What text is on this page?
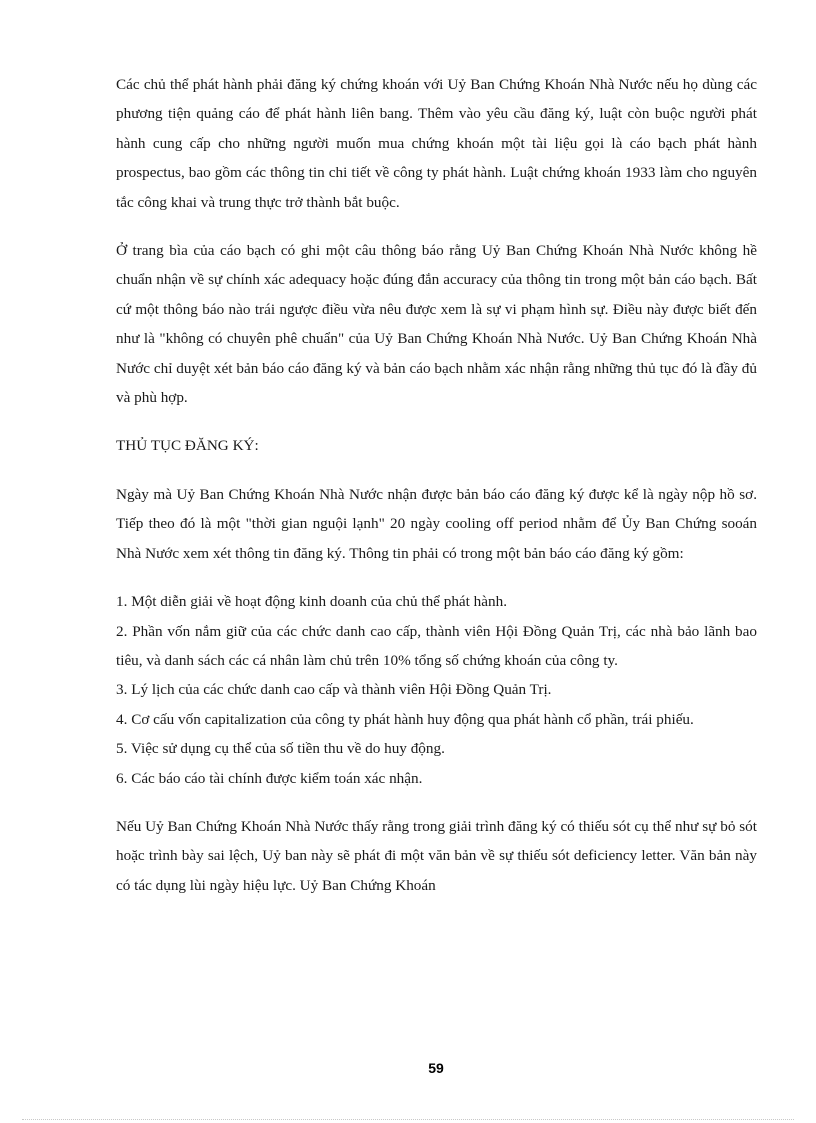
Các chủ thể phát hành phải đăng ký chứng khoán với Uỷ Ban Chứng Khoán Nhà Nước nếu họ dùng các phương tiện quảng cáo để phát hành liên bang. Thêm vào yêu cầu đăng ký, luật còn buộc người phát hành cung cấp cho những người muốn mua chứng khoán một tài liệu gọi là cáo bạch phát hành prospectus, bao gồm các thông tin chi tiết về công ty phát hành. Luật chứng khoán 1933 làm cho nguyên tắc công khai và trung thực trở thành bắt buộc.

Ở trang bìa của cáo bạch có ghi một câu thông báo rằng Uỷ Ban Chứng Khoán Nhà Nước không hề chuẩn nhận về sự chính xác adequacy hoặc đúng đắn accuracy của thông tin trong một bản cáo bạch. Bất cứ một thông báo nào trái ngược điều vừa nêu được xem là sự vi phạm hình sự. Điều này được biết đến như là "không có chuyên phê chuẩn" của Uỷ Ban Chứng Khoán Nhà Nước. Uỷ Ban Chứng Khoán Nhà Nước chỉ duyệt xét bản báo cáo đăng ký và bản cáo bạch nhằm xác nhận rằng những thủ tục đó là đầy đủ và phù hợp.

THỦ TỤC ĐĂNG KÝ:

Ngày mà Uỷ Ban Chứng Khoán Nhà Nước nhận được bản báo cáo đăng ký được kể là ngày nộp hồ sơ. Tiếp theo đó là một "thời gian nguội lạnh" 20 ngày cooling off period nhằm để Ủy Ban Chứng sooán Nhà Nước xem xét thông tin đăng ký. Thông tin phải có trong một bản báo cáo đăng ký gồm:

1. Một diễn giải về hoạt động kinh doanh của chủ thể phát hành.
2. Phần vốn nắm giữ của các chức danh cao cấp, thành viên Hội Đồng Quản Trị, các nhà bảo lãnh bao tiêu, và danh sách các cá nhân làm chủ trên 10% tổng số chứng khoán của công ty.
3. Lý lịch của các chức danh cao cấp và thành viên Hội Đồng Quản Trị.
4. Cơ cấu vốn capitalization của công ty phát hành huy động qua phát hành cổ phần, trái phiếu.
5. Việc sử dụng cụ thể của số tiền thu về do huy động.
6. Các báo cáo tài chính được kiểm toán xác nhận.

Nếu Uỷ Ban Chứng Khoán Nhà Nước thấy rằng trong giải trình đăng ký có thiếu sót cụ thể như sự bỏ sót hoặc trình bày sai lệch, Uỷ ban này sẽ phát đi một văn bản về sự thiếu sót deficiency letter. Văn bản này có tác dụng lùi ngày hiệu lực. Uỷ Ban Chứng Khoán

59
